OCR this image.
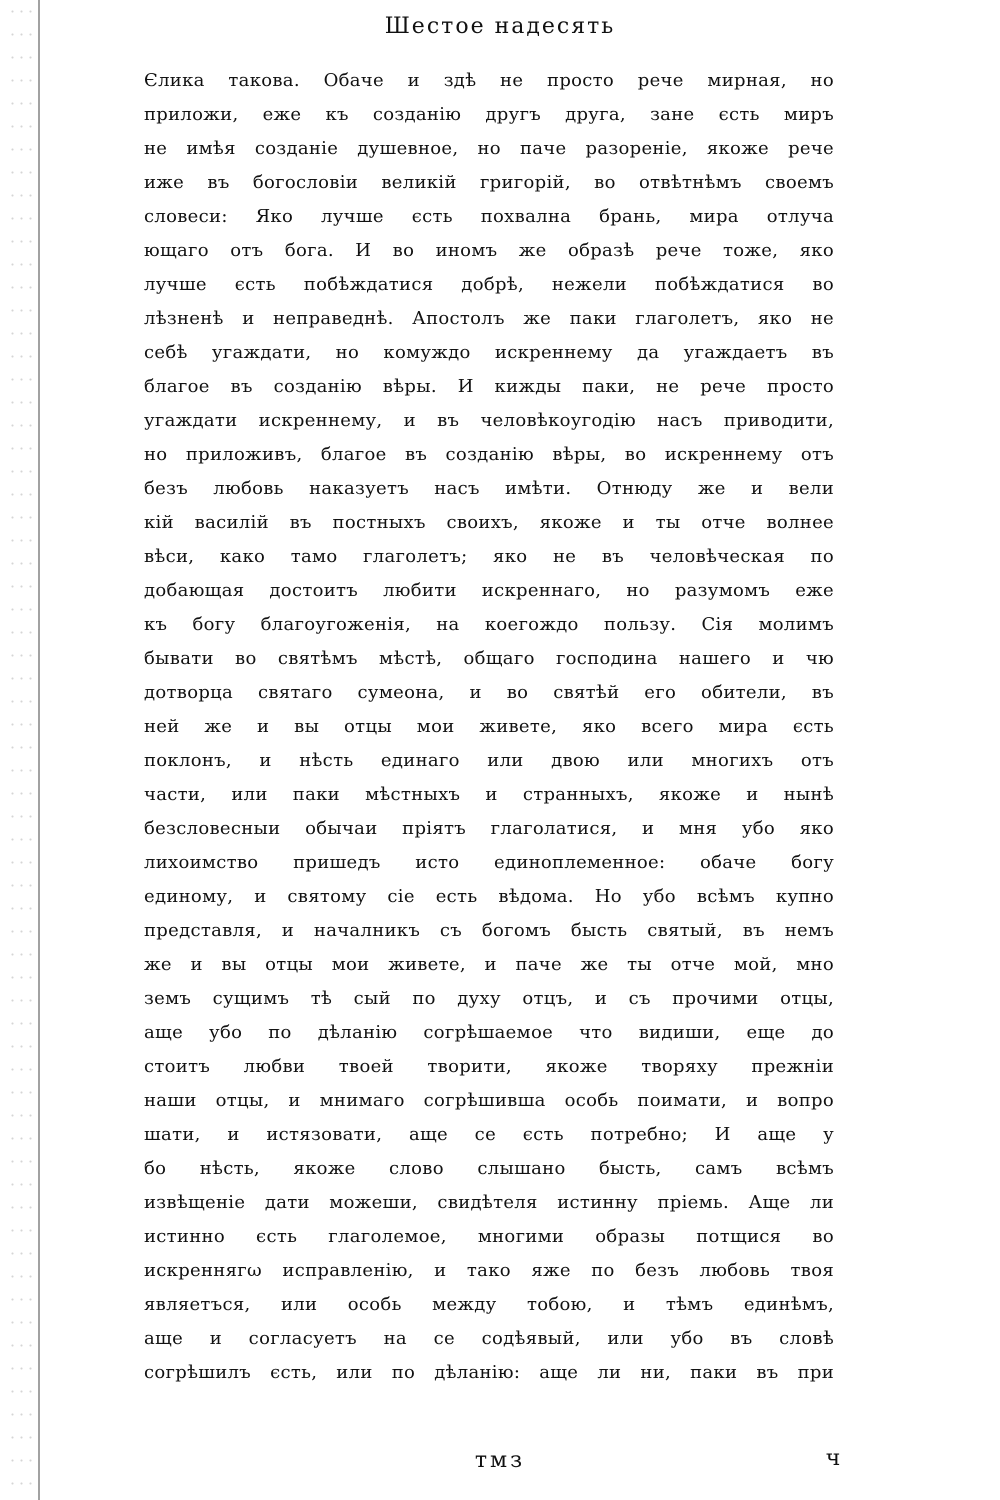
Шестое надесять
Єлика такова. Обаче и здѣ не просто рече мирная, но
приложи, еже къ созданію другъ друга, зане єсть миръ
не имѣя созданіе душевное, но паче разореніе, якоже рече
иже въ богословіи великій григорій, во отвѣтнѣмъ своемъ
словеси: Яко лучше єсть похвална брань, мира отлуча
ющаго отъ бога. И во иномъ же образѣ рече тоже, яко
лучше єсть побѣждатися добрѣ, нежели побѣждатися во
лѣзненѣ и неправеднѣ. Апостолъ же паки глаголетъ, яко не
себѣ угаждати, но комуждо искреннему да угаждаетъ въ
благое въ созданію вѣры. И кижды паки, не рече просто
угаждати искреннему, и въ человѣкоугодію насъ приводити,
но приложивъ, благое въ созданію вѣры, во искреннему отъ
безъ любовь наказуетъ насъ имѣти. Отнюду же и вели
кій василій въ постныхъ своихъ, якоже и ты отче волнее
вѣси, како тамо глаголетъ; яко не въ человѣческая по
добающая достоитъ любити искреннаго, но разумомъ еже
къ богу благоугоженія, на коегождо пользу. Сія молимъ
бывати во святѣмъ мѣстѣ, общаго господина нашего и чю
дотворца святаго сумеона, и во святѣй его обители, въ
ней же и вы отцы мои живете, яко всего мира єсть
поклонъ, и нѣсть единаго или двою или многихъ отъ
части, или паки мѣстныхъ и странныхъ, якоже и нынѣ
безсловесныи обычаи пріятъ глаголатися, и мня убо яко
лихоимство пришедъ исто единоплеменное: обаче богу
единому, и святому сіе есть вѣдома. Но убо всѣмъ купно
представля, и началникъ съ богомъ бысть святый, въ немъ
же и вы отцы мои живете, и паче же ты отче мой, мно
земъ сущимъ тѣ сый по духу отцъ, и съ прочими отцы,
аще убо по дѣланію согрѣшаемое что видиши, еще до
стоитъ любви твоей творити, якоже творяху прежніи
наши отцы, и мнимаго согрѣшивша особь поимати, и вопро
шати, и истязовати, аще се єсть потребно; И аще у
бо нѣсть, якоже слово слышано бысть, самъ всѣмъ
извѣщеніе дати можеши, свидѣтеля истинну пріемь. Аще ли
истинно єсть глаголемое, многими образы потщися во
искреннягω исправленію, и тако яже по безъ любовь твоя
являетъся, или особь между тобою, и тѣмъ единѣмъ,
аще и согласуетъ на се содѣявый, или убо въ словѣ
согрѣшилъ єсть, или по дѣланію: аще ли ни, паки въ при
тмз	ч
